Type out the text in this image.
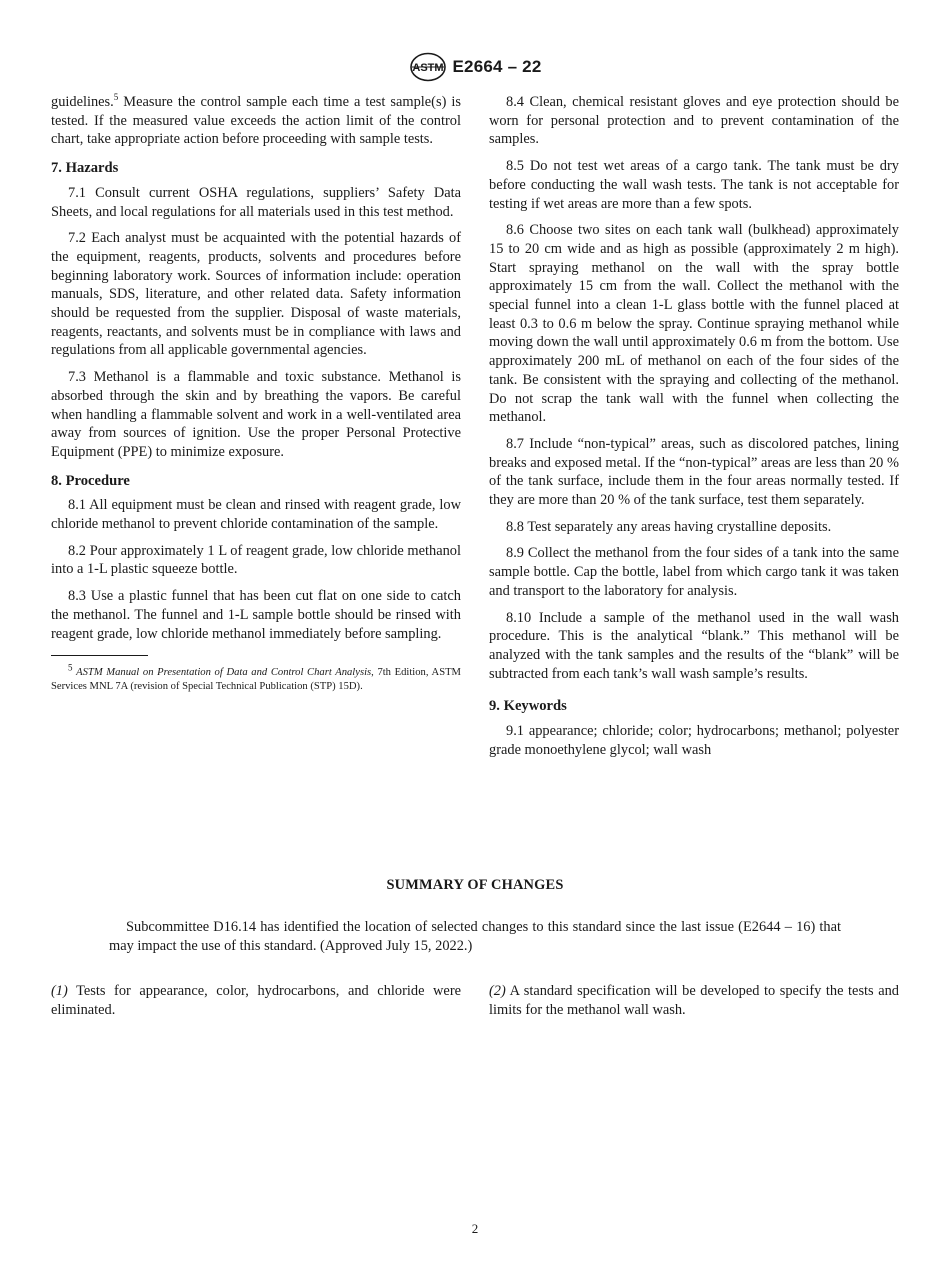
ASTM E2664 – 22

guidelines.$^5$ Measure the control sample each time a test sample(s) is tested. If the measured value exceeds the action limit of the control chart, take appropriate action before proceeding with sample tests.

7. Hazards

7.1 Consult current OSHA regulations, suppliers’ Safety Data Sheets, and local regulations for all materials used in this test method.

7.2 Each analyst must be acquainted with the potential hazards of the equipment, reagents, products, solvents and procedures before beginning laboratory work. Sources of information include: operation manuals, SDS, literature, and other related data. Safety information should be requested from the supplier. Disposal of waste materials, reagents, reactants, and solvents must be in compliance with laws and regulations from all applicable governmental agencies.

7.3 Methanol is a flammable and toxic substance. Methanol is absorbed through the skin and by breathing the vapors. Be careful when handling a flammable solvent and work in a well-ventilated area away from sources of ignition. Use the proper Personal Protective Equipment (PPE) to minimize exposure.

8. Procedure

8.1 All equipment must be clean and rinsed with reagent grade, low chloride methanol to prevent chloride contamination of the sample.

8.2 Pour approximately 1 L of reagent grade, low chloride methanol into a 1-L plastic squeeze bottle.

8.3 Use a plastic funnel that has been cut flat on one side to catch the methanol. The funnel and 1-L sample bottle should be rinsed with reagent grade, low chloride methanol immediately before sampling.

$^5$ ASTM Manual on Presentation of Data and Control Chart Analysis, 7th Edition, ASTM Services MNL 7A (revision of Special Technical Publication (STP) 15D).

8.4 Clean, chemical resistant gloves and eye protection should be worn for personal protection and to prevent contamination of the samples.

8.5 Do not test wet areas of a cargo tank. The tank must be dry before conducting the wall wash tests. The tank is not acceptable for testing if wet areas are more than a few spots.

8.6 Choose two sites on each tank wall (bulkhead) approximately 15 to 20 cm wide and as high as possible (approximately 2 m high). Start spraying methanol on the wall with the spray bottle approximately 15 cm from the wall. Collect the methanol with the special funnel into a clean 1-L glass bottle with the funnel placed at least 0.3 to 0.6 m below the spray. Continue spraying methanol while moving down the wall until approximately 0.6 m from the bottom. Use approximately 200 mL of methanol on each of the four sides of the tank. Be consistent with the spraying and collecting of the methanol. Do not scrap the tank wall with the funnel when collecting the methanol.

8.7 Include “non-typical” areas, such as discolored patches, lining breaks and exposed metal. If the “non-typical” areas are less than 20 % of the tank surface, include them in the four areas normally tested. If they are more than 20 % of the tank surface, test them separately.

8.8 Test separately any areas having crystalline deposits.

8.9 Collect the methanol from the four sides of a tank into the same sample bottle. Cap the bottle, label from which cargo tank it was taken and transport to the laboratory for analysis.

8.10 Include a sample of the methanol used in the wall wash procedure. This is the analytical “blank.” This methanol will be analyzed with the tank samples and the results of the “blank” will be subtracted from each tank’s wall wash sample’s results.

9. Keywords

9.1 appearance; chloride; color; hydrocarbons; methanol; polyester grade monoethylene glycol; wall wash

SUMMARY OF CHANGES
Subcommittee D16.14 has identified the location of selected changes to this standard since the last issue (E2644 – 16) that may impact the use of this standard. (Approved July 15, 2022.)
(1) Tests for appearance, color, hydrocarbons, and chloride were eliminated.
(2) A standard specification will be developed to specify the tests and limits for the methanol wall wash.
2
